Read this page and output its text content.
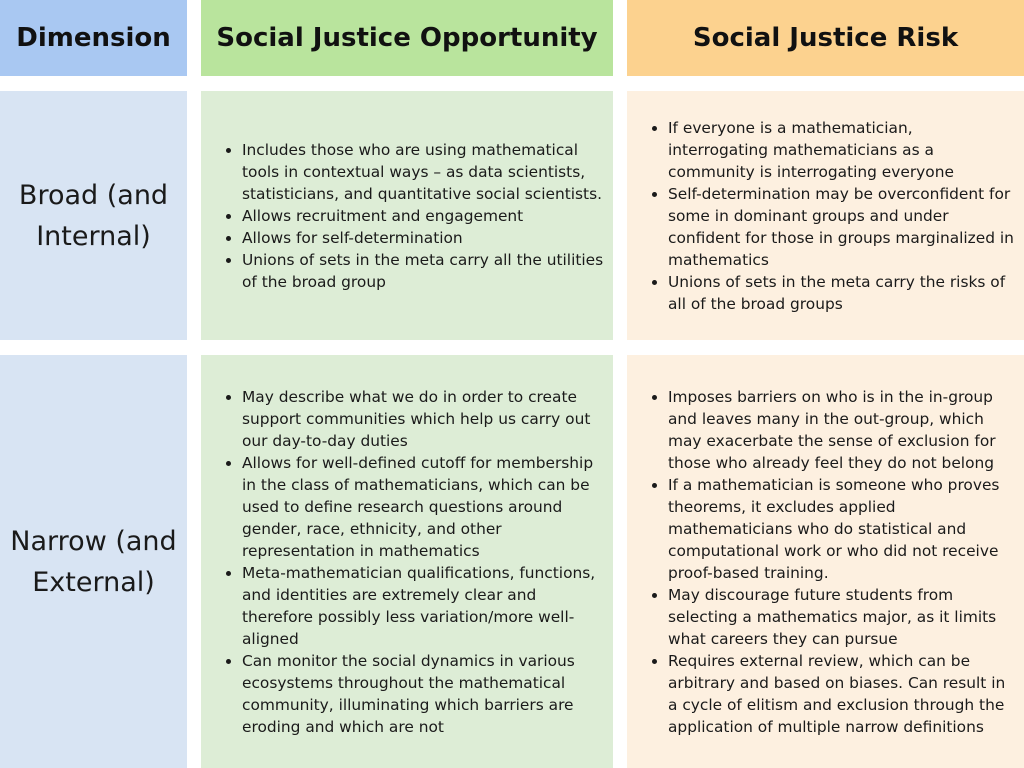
Dimension Social Justice Opportunity	Social Justice Risk
Broad (and Internal)
• Includes those who are using mathematical tools in contextual ways – as data scientists, statisticians, and quantitative social scientists.
• Allows recruitment and engagement
• Allows for self-determination
• Unions of sets in the meta carry all the utilities of the broad group
• If everyone is a mathematician, interrogating mathematicians as a community is interrogating everyone
• Self-determination may be overconfident for some in dominant groups and under confident for those in groups marginalized in mathematics
• Unions of sets in the meta carry the risks of all of the broad groups
Narrow (and External)
• May describe what we do in order to create support communities which help us carry out our day-to-day duties
• Allows for well-defined cutoff for membership in the class of mathematicians, which can be used to define research questions around gender, race, ethnicity, and other representation in mathematics
• Meta-mathematician qualifications, functions, and identities are extremely clear and therefore possibly less variation/more well-aligned
• Can monitor the social dynamics in various ecosystems throughout the mathematical community, illuminating which barriers are eroding and which are not
• Imposes barriers on who is in the in-group and leaves many in the out-group, which may exacerbate the sense of exclusion for those who already feel they do not belong
• If a mathematician is someone who proves theorems, it excludes applied mathematicians who do statistical and computational work or who did not receive proof-based training.
• May discourage future students from selecting a mathematics major, as it limits what careers they can pursue
• Requires external review, which can be arbitrary and based on biases. Can result in a cycle of elitism and exclusion through the application of multiple narrow definitions
